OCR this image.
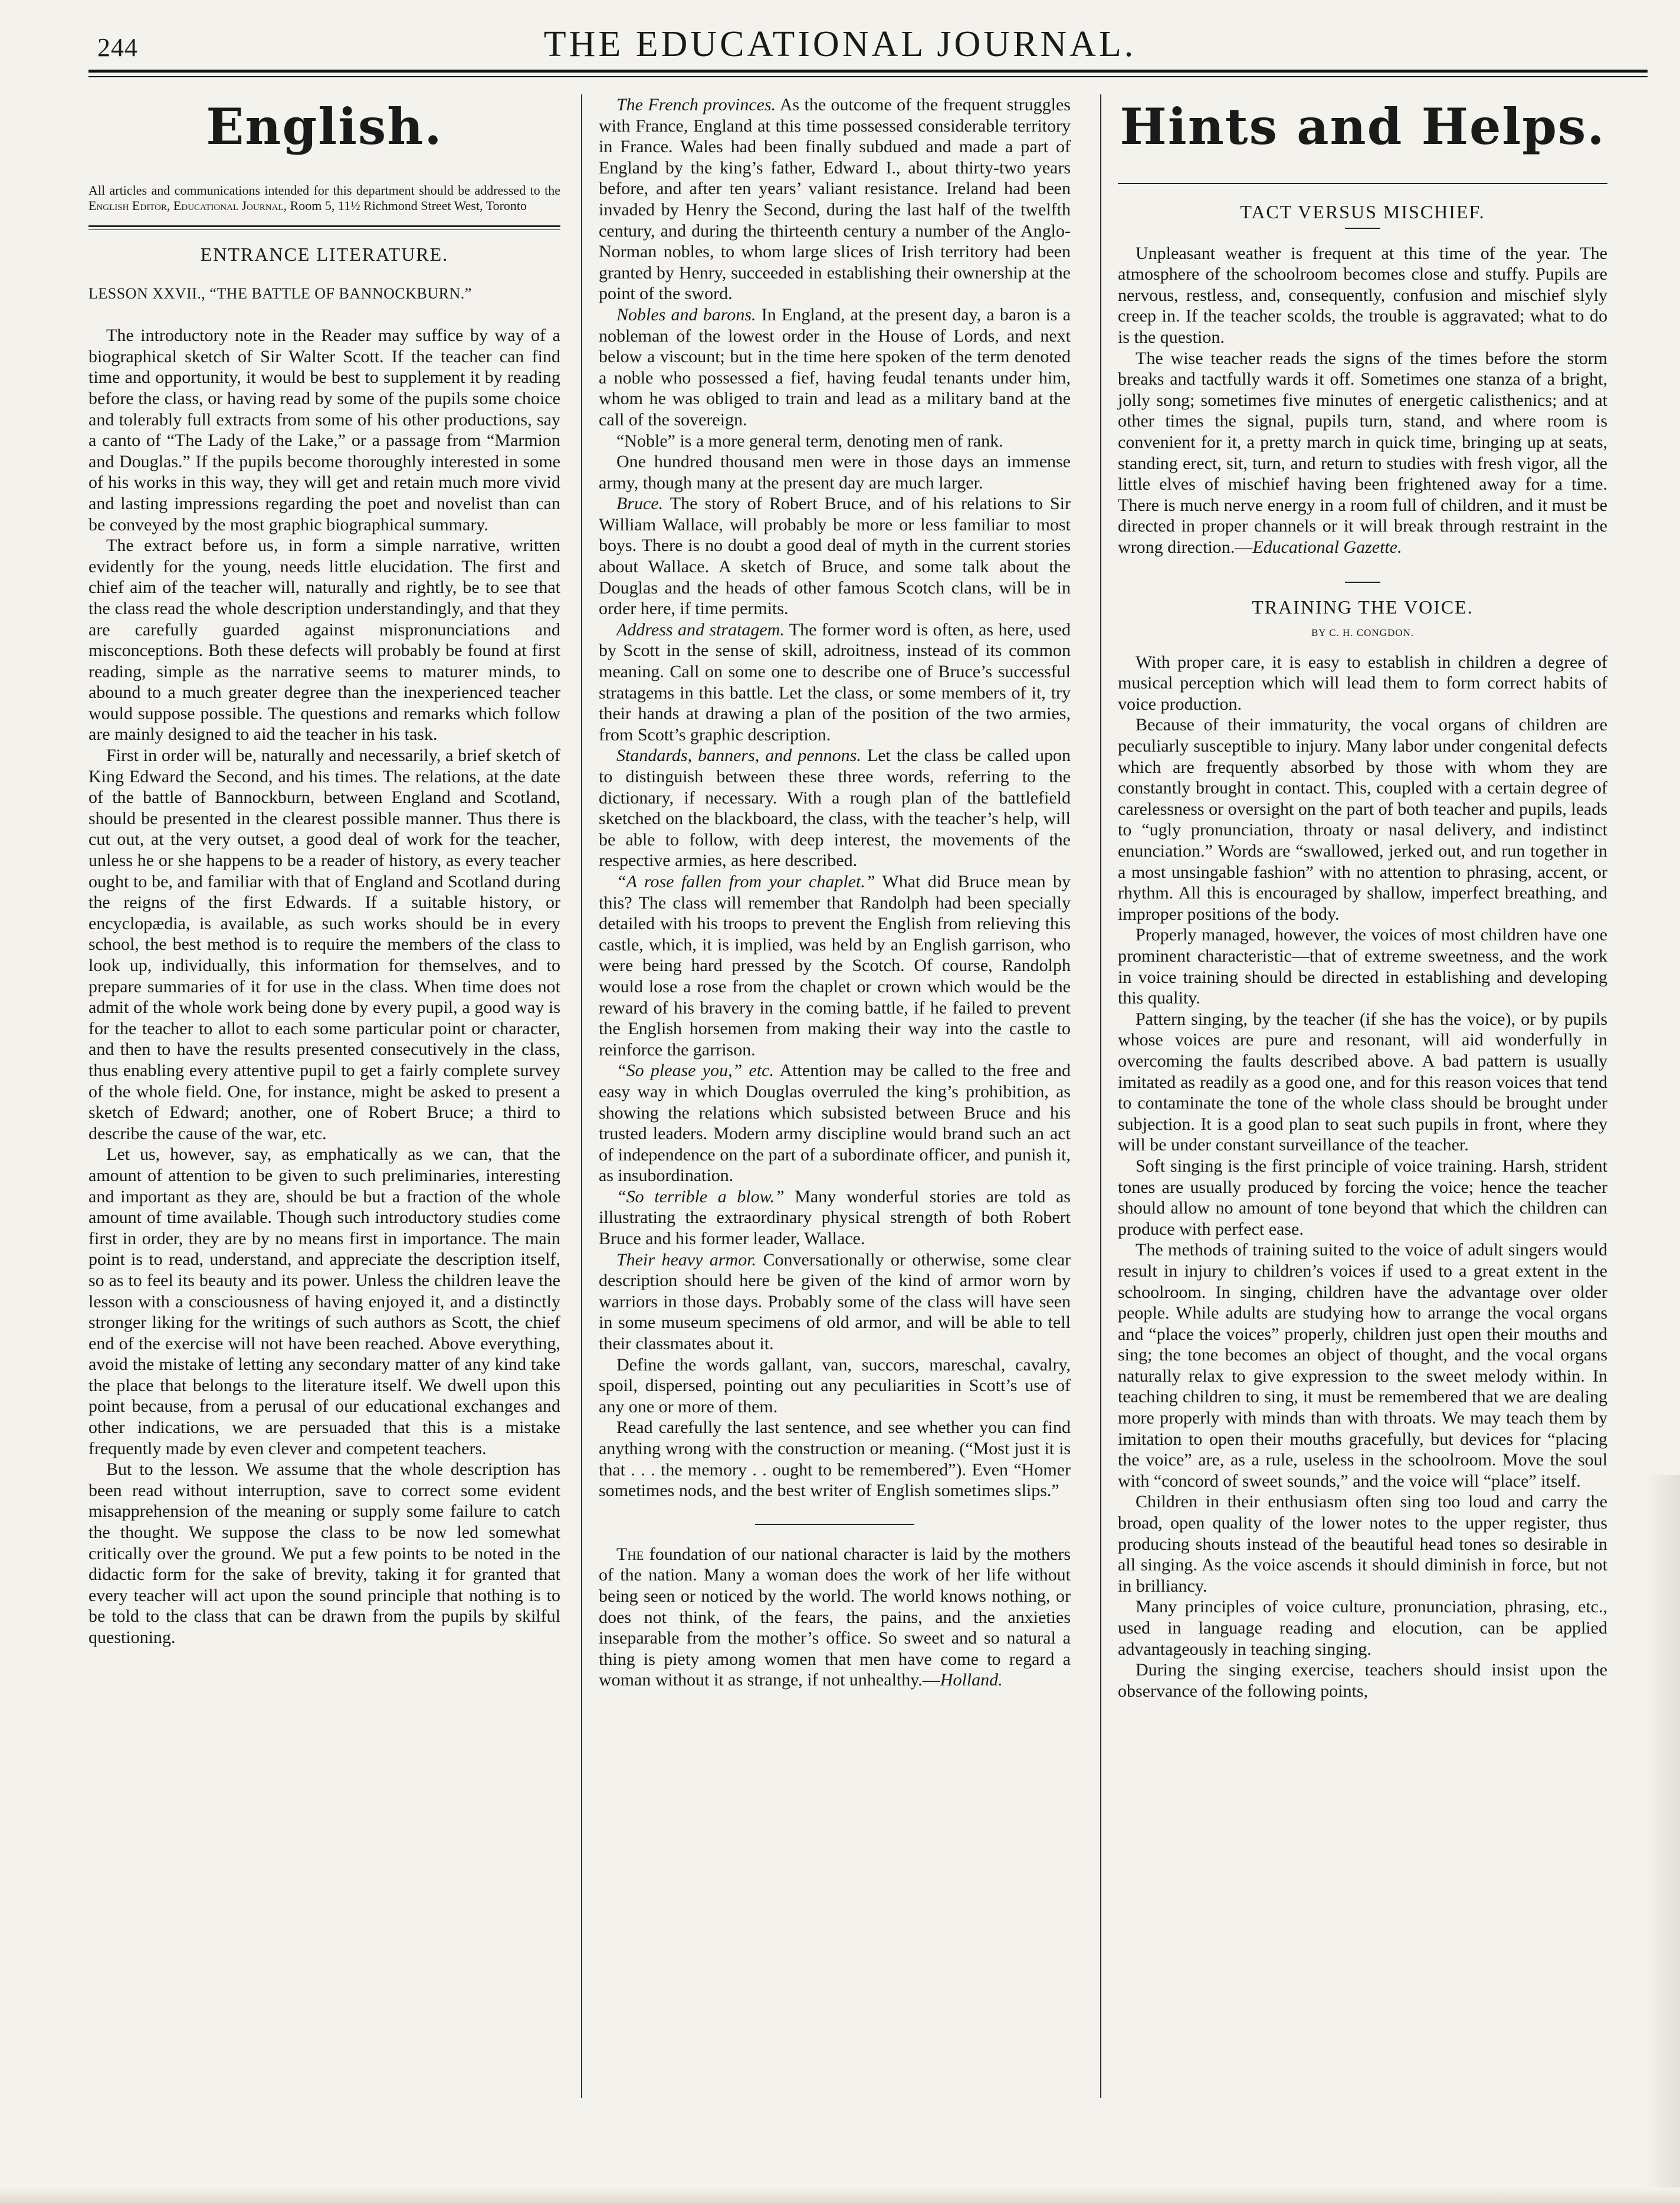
244	THE EDUCATIONAL JOURNAL.
English.
All articles and communications intended for this department should be addressed to the English Editor, Educational Journal, Room 5, 11½ Richmond Street West, Toronto
ENTRANCE LITERATURE.
LESSON XXVII., “THE BATTLE OF BANNOCKBURN.”

The introductory note in the Reader may suffice by way of a biographical sketch of Sir Walter Scott. If the teacher can find time and opportunity, it would be best to supplement it by reading before the class, or having read by some of the pupils some choice and tolerably full extracts from some of his other productions, say a canto of “The Lady of the Lake,” or a passage from “Marmion and Douglas.” If the pupils become thoroughly interested in some of his works in this way, they will get and retain much more vivid and lasting impressions regarding the poet and novelist than can be conveyed by the most graphic biographical summary.

The extract before us, in form a simple narrative, written evidently for the young, needs little elucidation. The first and chief aim of the teacher will, naturally and rightly, be to see that the class read the whole description understandingly, and that they are carefully guarded against mispronunciations and misconceptions. Both these defects will probably be found at first reading, simple as the narrative seems to maturer minds, to abound to a much greater degree than the inexperienced teacher would suppose possible. The questions and remarks which follow are mainly designed to aid the teacher in his task.

First in order will be, naturally and necessarily, a brief sketch of King Edward the Second, and his times. The relations, at the date of the battle of Bannockburn, between England and Scotland, should be presented in the clearest possible manner. Thus there is cut out, at the very outset, a good deal of work for the teacher, unless he or she happens to be a reader of history, as every teacher ought to be, and familiar with that of England and Scotland during the reigns of the first Edwards. If a suitable history, or encyclopædia, is available, as such works should be in every school, the best method is to require the members of the class to look up, individually, this information for themselves, and to prepare summaries of it for use in the class. When time does not admit of the whole work being done by every pupil, a good way is for the teacher to allot to each some particular point or character, and then to have the results presented consecutively in the class, thus enabling every attentive pupil to get a fairly complete survey of the whole field. One, for instance, might be asked to present a sketch of Edward; another, one of Robert Bruce; a third to describe the cause of the war, etc.

Let us, however, say, as emphatically as we can, that the amount of attention to be given to such preliminaries, interesting and important as they are, should be but a fraction of the whole amount of time available. Though such introductory studies come first in order, they are by no means first in importance. The main point is to read, understand, and appreciate the description itself, so as to feel its beauty and its power. Unless the children leave the lesson with a consciousness of having enjoyed it, and a distinctly stronger liking for the writings of such authors as Scott, the chief end of the exercise will not have been reached. Above everything, avoid the mistake of letting any secondary matter of any kind take the place that belongs to the literature itself. We dwell upon this point because, from a perusal of our educational exchanges and other indications, we are persuaded that this is a mistake frequently made by even clever and competent teachers.

But to the lesson. We assume that the whole description has been read without interruption, save to correct some evident misapprehension of the meaning or supply some failure to catch the thought. We suppose the class to be now led somewhat critically over the ground. We put a few points to be noted in the didactic form for the sake of brevity, taking it for granted that every teacher will act upon the sound principle that nothing is to be told to the class that can be drawn from the pupils by skilful questioning.

The French provinces. As the outcome of the frequent struggles with France, England at this time possessed considerable territory in France. Wales had been finally subdued and made a part of England by the king’s father, Edward I., about thirty-two years before, and after ten years’ valiant resistance. Ireland had been invaded by Henry the Second, during the last half of the twelfth century, and during the thirteenth century a number of the Anglo-Norman nobles, to whom large slices of Irish territory had been granted by Henry, succeeded in establishing their ownership at the point of the sword.

Nobles and barons. In England, at the present day, a baron is a nobleman of the lowest order in the House of Lords, and next below a viscount; but in the time here spoken of the term denoted a noble who possessed a fief, having feudal tenants under him, whom he was obliged to train and lead as a military band at the call of the sovereign.

“Noble” is a more general term, denoting men of rank.

One hundred thousand men were in those days an immense army, though many at the present day are much larger.

Bruce. The story of Robert Bruce, and of his relations to Sir William Wallace, will probably be more or less familiar to most boys. There is no doubt a good deal of myth in the current stories about Wallace. A sketch of Bruce, and some talk about the Douglas and the heads of other famous Scotch clans, will be in order here, if time permits.

Address and stratagem. The former word is often, as here, used by Scott in the sense of skill, adroitness, instead of its common meaning. Call on some one to describe one of Bruce’s successful stratagems in this battle. Let the class, or some members of it, try their hands at drawing a plan of the position of the two armies, from Scott’s graphic description.

Standards, banners, and pennons. Let the class be called upon to distinguish between these three words, referring to the dictionary, if necessary. With a rough plan of the battlefield sketched on the blackboard, the class, with the teacher’s help, will be able to follow, with deep interest, the movements of the respective armies, as here described.

“A rose fallen from your chaplet.” What did Bruce mean by this? The class will remember that Randolph had been specially detailed with his troops to prevent the English from relieving this castle, which, it is implied, was held by an English garrison, who were being hard pressed by the Scotch. Of course, Randolph would lose a rose from the chaplet or crown which would be the reward of his bravery in the coming battle, if he failed to prevent the English horsemen from making their way into the castle to reinforce the garrison.

“So please you,” etc. Attention may be called to the free and easy way in which Douglas overruled the king’s prohibition, as showing the relations which subsisted between Bruce and his trusted leaders. Modern army discipline would brand such an act of independence on the part of a subordinate officer, and punish it, as insubordination.

“So terrible a blow.” Many wonderful stories are told as illustrating the extraordinary physical strength of both Robert Bruce and his former leader, Wallace.

Their heavy armor. Conversationally or otherwise, some clear description should here be given of the kind of armor worn by warriors in those days. Probably some of the class will have seen in some museum specimens of old armor, and will be able to tell their classmates about it.

Define the words gallant, van, succors, mareschal, cavalry, spoil, dispersed, pointing out any peculiarities in Scott’s use of any one or more of them.

Read carefully the last sentence, and see whether you can find anything wrong with the construction or meaning. (“Most just it is that . . . the memory . . ought to be remembered”). Even “Homer sometimes nods, and the best writer of English sometimes slips.”

The foundation of our national character is laid by the mothers of the nation. Many a woman does the work of her life without being seen or noticed by the world. The world knows nothing, or does not think, of the fears, the pains, and the anxieties inseparable from the mother’s office. So sweet and so natural a thing is piety among women that men have come to regard a woman without it as strange, if not unhealthy.—Holland.

Hints and Helps.
TACT VERSUS MISCHIEF.

Unpleasant weather is frequent at this time of the year. The atmosphere of the schoolroom becomes close and stuffy. Pupils are nervous, restless, and, consequently, confusion and mischief slyly creep in. If the teacher scolds, the trouble is aggravated; what to do is the question.

The wise teacher reads the signs of the times before the storm breaks and tactfully wards it off. Sometimes one stanza of a bright, jolly song; sometimes five minutes of energetic calisthenics; and at other times the signal, pupils turn, stand, and where room is convenient for it, a pretty march in quick time, bringing up at seats, standing erect, sit, turn, and return to studies with fresh vigor, all the little elves of mischief having been frightened away for a time. There is much nerve energy in a room full of children, and it must be directed in proper channels or it will break through restraint in the wrong direction.—Educational Gazette.

TRAINING THE VOICE.
BY C. H. CONGDON.

With proper care, it is easy to establish in children a degree of musical perception which will lead them to form correct habits of voice production.

Because of their immaturity, the vocal organs of children are peculiarly susceptible to injury. Many labor under congenital defects which are frequently absorbed by those with whom they are constantly brought in contact. This, coupled with a certain degree of carelessness or oversight on the part of both teacher and pupils, leads to “ugly pronunciation, throaty or nasal delivery, and indistinct enunciation.” Words are “swallowed, jerked out, and run together in a most unsingable fashion” with no attention to phrasing, accent, or rhythm. All this is encouraged by shallow, imperfect breathing, and improper positions of the body.

Properly managed, however, the voices of most children have one prominent characteristic—that of extreme sweetness, and the work in voice training should be directed in establishing and developing this quality.

Pattern singing, by the teacher (if she has the voice), or by pupils whose voices are pure and resonant, will aid wonderfully in overcoming the faults described above. A bad pattern is usually imitated as readily as a good one, and for this reason voices that tend to contaminate the tone of the whole class should be brought under subjection. It is a good plan to seat such pupils in front, where they will be under constant surveillance of the teacher.

Soft singing is the first principle of voice training. Harsh, strident tones are usually produced by forcing the voice; hence the teacher should allow no amount of tone beyond that which the children can produce with perfect ease.

The methods of training suited to the voice of adult singers would result in injury to children’s voices if used to a great extent in the schoolroom. In singing, children have the advantage over older people. While adults are studying how to arrange the vocal organs and “place the voices” properly, children just open their mouths and sing; the tone becomes an object of thought, and the vocal organs naturally relax to give expression to the sweet melody within. In teaching children to sing, it must be remembered that we are dealing more properly with minds than with throats. We may teach them by imitation to open their mouths gracefully, but devices for “placing the voice” are, as a rule, useless in the schoolroom. Move the soul with “concord of sweet sounds,” and the voice will “place” itself.

Children in their enthusiasm often sing too loud and carry the broad, open quality of the lower notes to the upper register, thus producing shouts instead of the beautiful head tones so desirable in all singing. As the voice ascends it should diminish in force, but not in brilliancy.

Many principles of voice culture, pronunciation, phrasing, etc., used in language reading and elocution, can be applied advantageously in teaching singing.

During the singing exercise, teachers should insist upon the observance of the following points,
